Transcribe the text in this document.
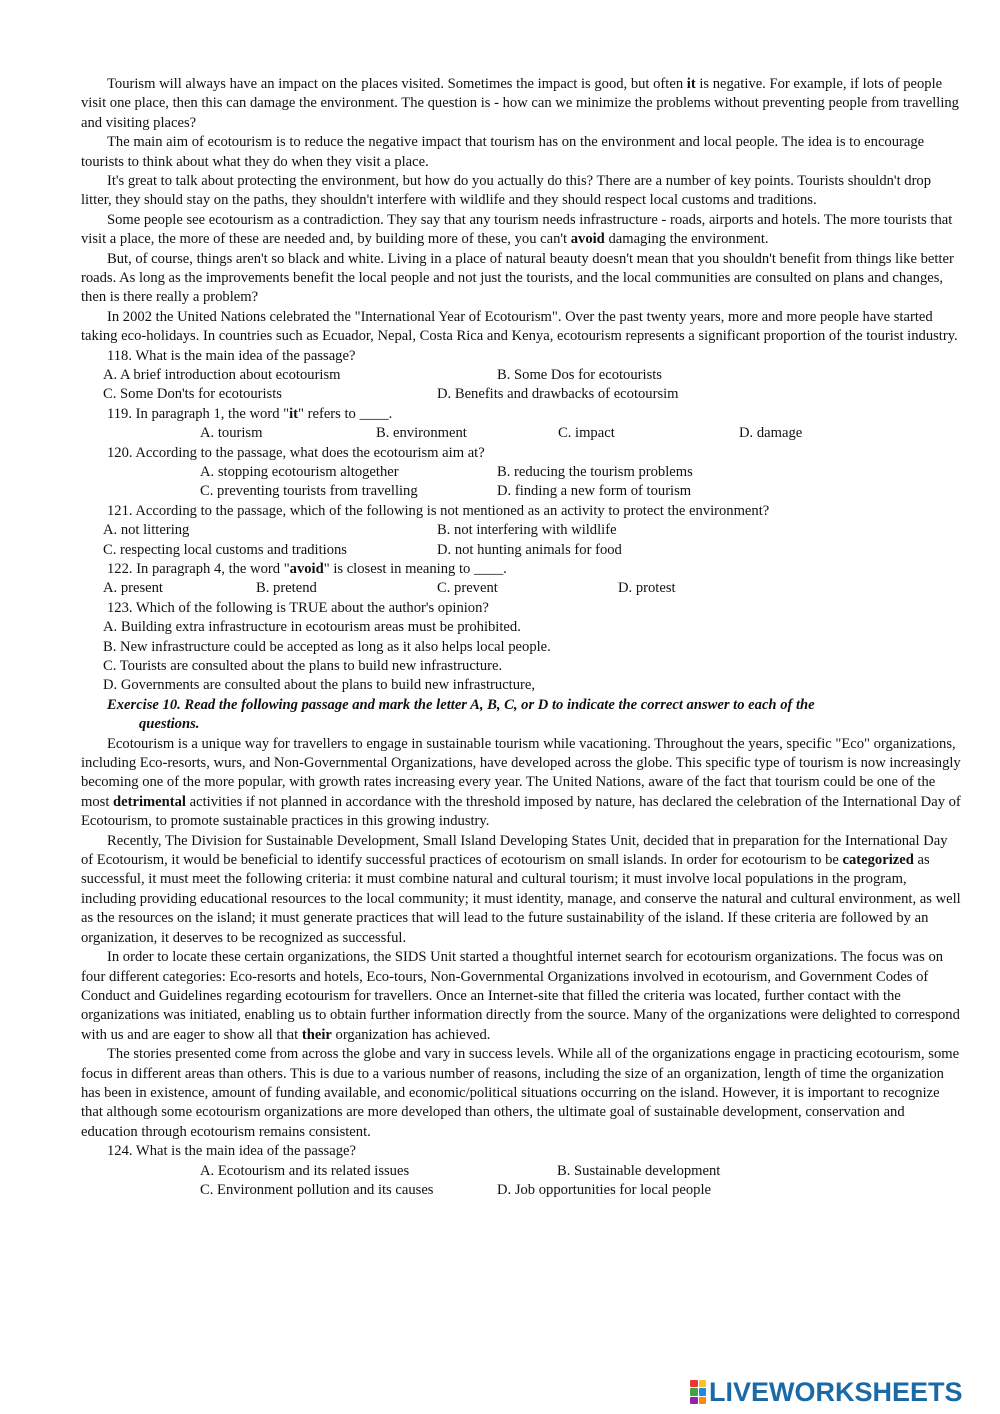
Tourism will always have an impact on the places visited. Sometimes the impact is good, but often it is negative. For example, if lots of people visit one place, then this can damage the environment. The question is - how can we minimize the problems without preventing people from travelling and visiting places?

The main aim of ecotourism is to reduce the negative impact that tourism has on the environment and local people. The idea is to encourage tourists to think about what they do when they visit a place.

It's great to talk about protecting the environment, but how do you actually do this? There are a number of key points. Tourists shouldn't drop litter, they should stay on the paths, they shouldn't interfere with wildlife and they should respect local customs and traditions.

Some people see ecotourism as a contradiction. They say that any tourism needs infrastructure - roads, airports and hotels. The more tourists that visit a place, the more of these are needed and, by building more of these, you can't avoid damaging the environment.

But, of course, things aren't so black and white. Living in a place of natural beauty doesn't mean that you shouldn't benefit from things like better roads. As long as the improvements benefit the local people and not just the tourists, and the local communities are consulted on plans and changes, then is there really a problem?

In 2002 the United Nations celebrated the "International Year of Ecotourism". Over the past twenty years, more and more people have started taking eco-holidays. In countries such as Ecuador, Nepal, Costa Rica and Kenya, ecotourism represents a significant proportion of the tourist industry.

118. What is the main idea of the passage?

A. A brief introduction about ecotourism	B. Some Dos for ecotourists
C. Some Don'ts for ecotourists	D. Benefits and drawbacks of ecotoursim

119. In paragraph 1, the word "it" refers to ____.

A. tourism	B. environment	C. impact	D. damage

120. According to the passage, what does the ecotourism aim at?

A. stopping ecotourism altogether	B. reducing the tourism problems
C. preventing tourists from travelling	D. finding a new form of tourism

121. According to the passage, which of the following is not mentioned as an activity to protect the environment?

A. not littering	B. not interfering with wildlife
C. respecting local customs and traditions	D. not hunting animals for food

122. In paragraph 4, the word "avoid" is closest in meaning to ____.

A. present	B. pretend	C. prevent	D. protest

123. Which of the following is TRUE about the author's opinion?

A. Building extra infrastructure in ecotourism areas must be prohibited.
B. New infrastructure could be accepted as long as it also helps local people.
C. Tourists are consulted about the plans to build new infrastructure.
D. Governments are consulted about the plans to build new infrastructure,

Exercise 10. Read the following passage and mark the letter A, B, C, or D to indicate the correct answer to each of the
questions.

Ecotourism is a unique way for travellers to engage in sustainable tourism while vacationing. Throughout the years, specific "Eco" organizations, including Eco-resorts, wurs, and Non-Governmental Organizations, have developed across the globe. This specific type of tourism is now increasingly becoming one of the more popular, with growth rates increasing every year. The United Nations, aware of the fact that tourism could be one of the most detrimental activities if not planned in accordance with the threshold imposed by nature, has declared the celebration of the International Day of Ecotourism, to promote sustainable practices in this growing industry.

Recently, The Division for Sustainable Development, Small Island Developing States Unit, decided that in preparation for the International Day of Ecotourism, it would be beneficial to identify successful practices of ecotourism on small islands. In order for ecotourism to be categorized as successful, it must meet the following criteria: it must combine natural and cultural tourism; it must involve local populations in the program, including providing educational resources to the local community; it must identity, manage, and conserve the natural and cultural environment, as well as the resources on the island; it must generate practices that will lead to the future sustainability of the island. If these criteria are followed by an organization, it deserves to be recognized as successful.

In order to locate these certain organizations, the SIDS Unit started a thoughtful internet search for ecotourism organizations. The focus was on four different categories: Eco-resorts and hotels, Eco-tours, Non-Governmental Organizations involved in ecotourism, and Government Codes of Conduct and Guidelines regarding ecotourism for travellers. Once an Internet-site that filled the criteria was located, further contact with the organizations was initiated, enabling us to obtain further information directly from the source. Many of the organizations were delighted to correspond with us and are eager to show all that their organization has achieved.

The stories presented come from across the globe and vary in success levels. While all of the organizations engage in practicing ecotourism, some focus in different areas than others. This is due to a various number of reasons, including the size of an organization, length of time the organization has been in existence, amount of funding available, and economic/political situations occurring on the island. However, it is important to recognize that although some ecotourism organizations are more developed than others, the ultimate goal of sustainable development, conservation and education through ecotourism remains consistent.

124. What is the main idea of the passage?

A. Ecotourism and its related issues	B. Sustainable development
C. Environment pollution and its causes	D. Job opportunities for local people
LIVEWORKSHEETS
